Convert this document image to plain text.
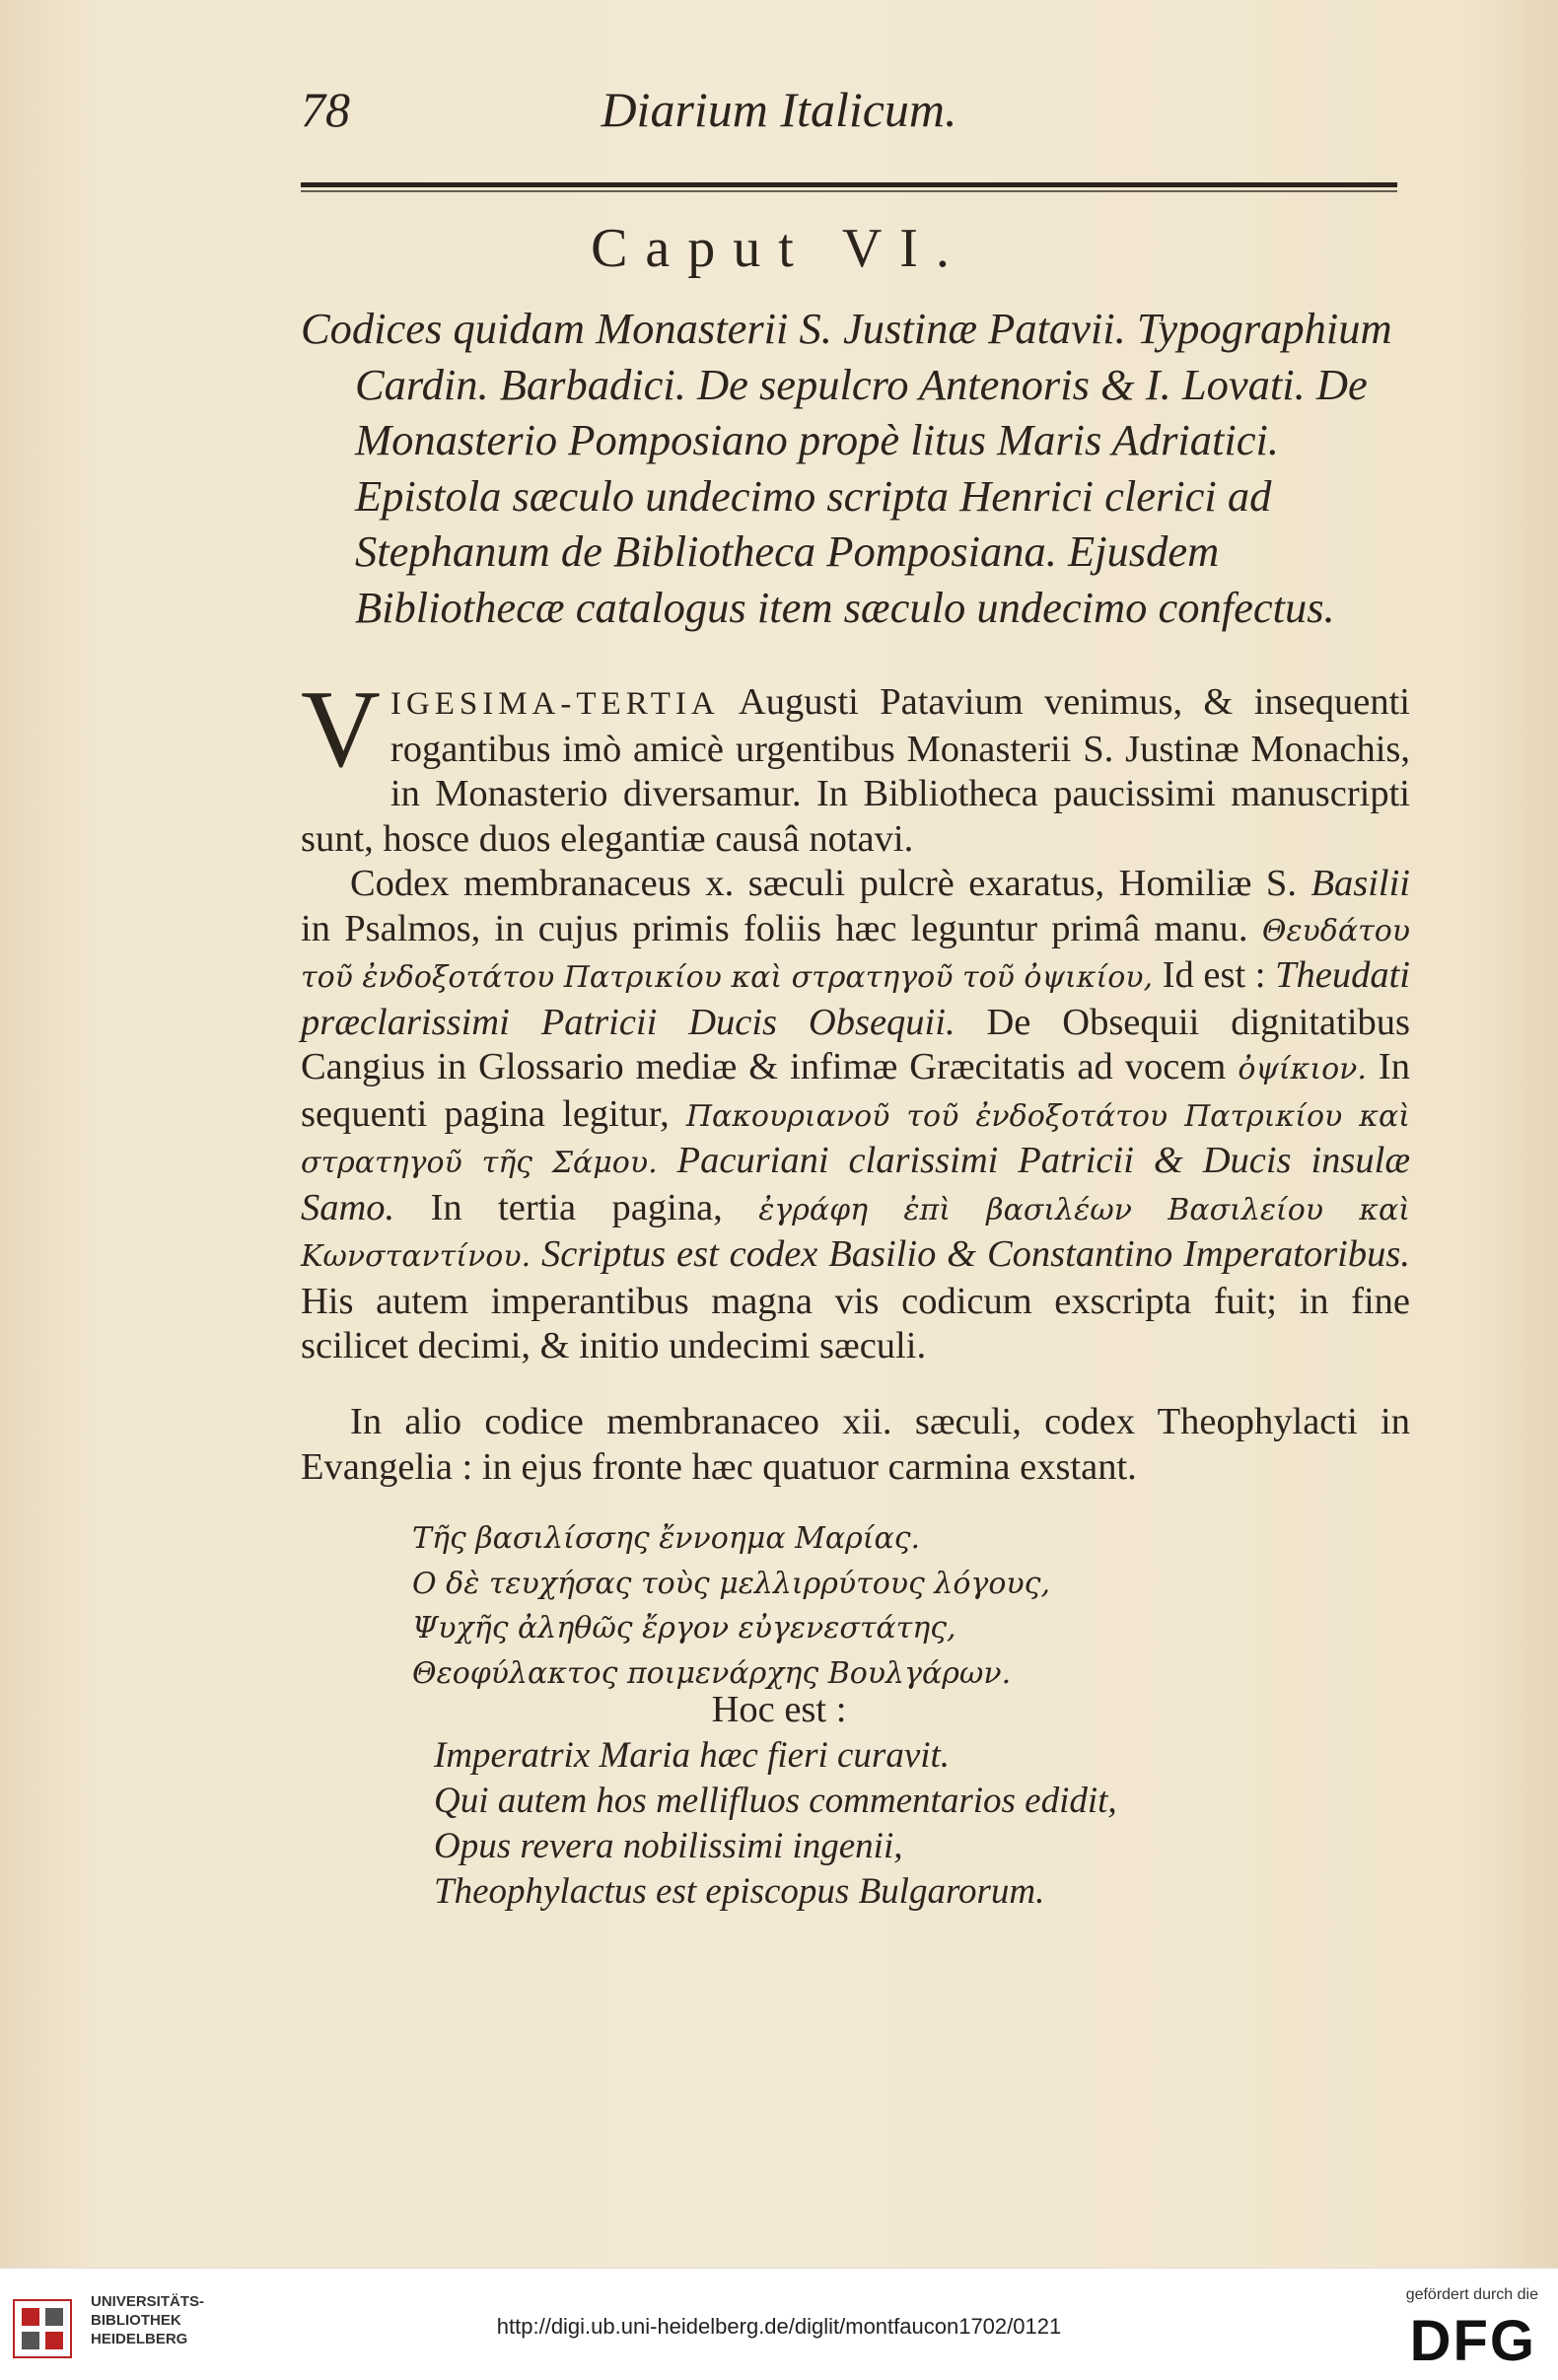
78	Diarium Italicum.
Caput VI.
Codices quidam Monasterii S. Justinæ Patavii. Typographium
Cardin. Barbadici. De sepulcro Antenoris & I. Lovati. De Monasterio Pomposiano propè litus Maris Adriatici. Epistola sæculo undecimo scripta Henrici clerici ad Stephanum de Bibliotheca Pomposiana. Ejusdem Bibliothecæ catalogus item sæculo undecimo confectus.
VIGESIMA-TERTIA Augusti Patavium venimus, & insequenti rogantibus imò amicè urgentibus Monasterii S. Justinæ Monachis, in Monasterio diversamur. In Bibliotheca paucissimi manuscripti sunt, hosce duos elegantiæ causâ notavi.
Codex membranaceus x. sæculi pulcrè exaratus, Homiliæ S. Basilii in Psalmos, in cujus primis foliis hæc leguntur primâ manu. Θευδάτου τοῦ ἐνδοξοτάτου Πατρικίου καὶ στρατηγοῦ τοῦ ὀψικίου, Id est : Theudati præclarissimi Patricii Ducis Obsequii. De Obsequii dignitatibus Cangius in Glossario mediæ & infimæ Græcitatis ad vocem ὀψίκιον. In sequenti pagina legitur, Πακουριανοῦ τοῦ ἐνδοξοτάτου Πατρικίου καὶ στρατηγοῦ τῆς Σάμου. Pacuriani clarissimi Patricii & Ducis insulæ Samo. In tertia pagina, ἐγράφη ἐπὶ βασιλέων Βασιλείου καὶ Κωνσταντίνου. Scriptus est codex Basilio & Constantino Imperatoribus. His autem imperantibus magna vis codicum exscripta fuit; in fine scilicet decimi, & initio undecimi sæculi.
In alio codice membranaceo xii. sæculi, codex Theophylacti in Evangelia : in ejus fronte hæc quatuor carmina exstant.
Τῆς βασιλίσσης ἔννοημα Μαρίας.
Ο δὲ τευχήσας τοὺς μελλιρρύτους λόγους,
Ψυχῆς ἀληθῶς ἔργον εὐγενεστάτης,
Θεοφύλακτος ποιμενάρχης Βουλγάρων.
Hoc est :
Imperatrix Maria hæc fieri curavit.
Qui autem hos mellifluos commentarios edidit,
Opus revera nobilissimi ingenii,
Theophylactus est episcopus Bulgarorum.
UNIVERSITÄTS-
BIBLIOTHEK
HEIDELBERG
http://digi.ub.uni-heidelberg.de/diglit/montfaucon1702/0121
gefördert durch die
DFG
